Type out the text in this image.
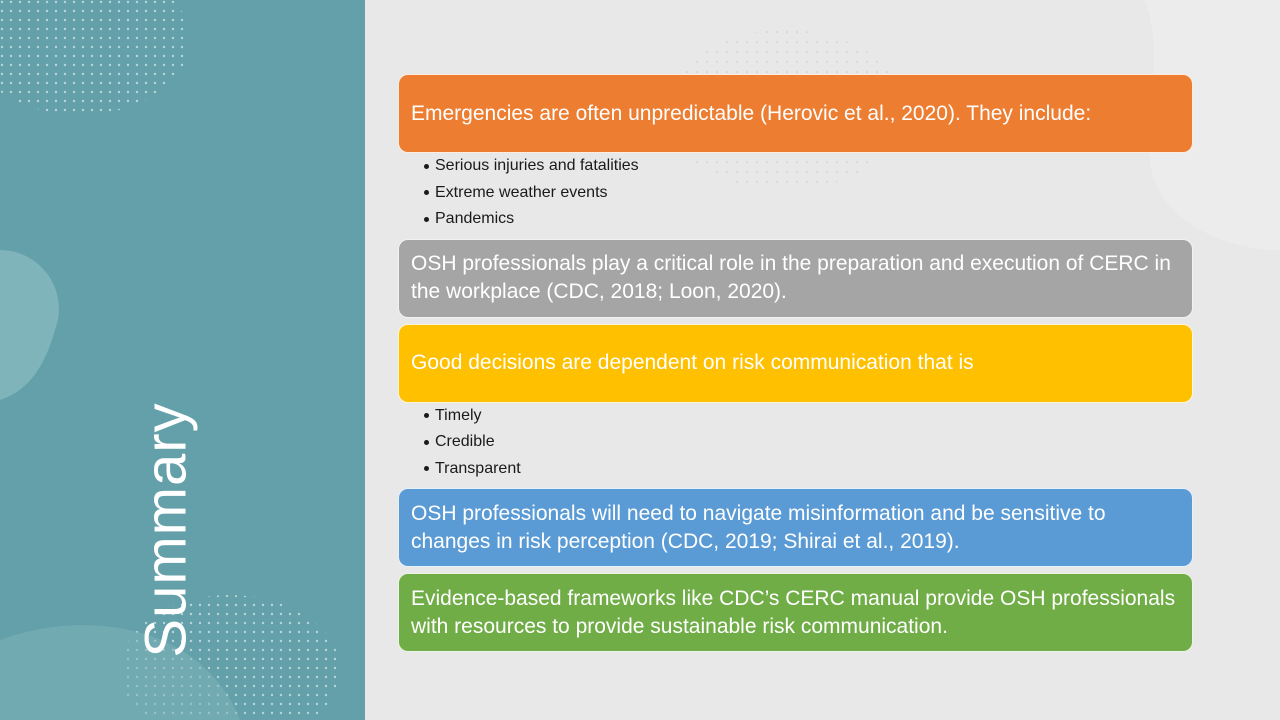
Summary
Emergencies are often unpredictable (Herovic et al., 2020). They include:
Serious injuries and fatalities
Extreme weather events
Pandemics
OSH professionals play a critical role in the preparation and execution of CERC in the workplace (CDC, 2018; Loon, 2020).
Good decisions are dependent on risk communication that is
Timely
Credible
Transparent
OSH professionals will need to navigate misinformation and be sensitive to changes in risk perception (CDC, 2019; Shirai et al., 2019).
Evidence-based frameworks like CDC’s CERC manual provide OSH professionals with resources to provide sustainable risk communication.
